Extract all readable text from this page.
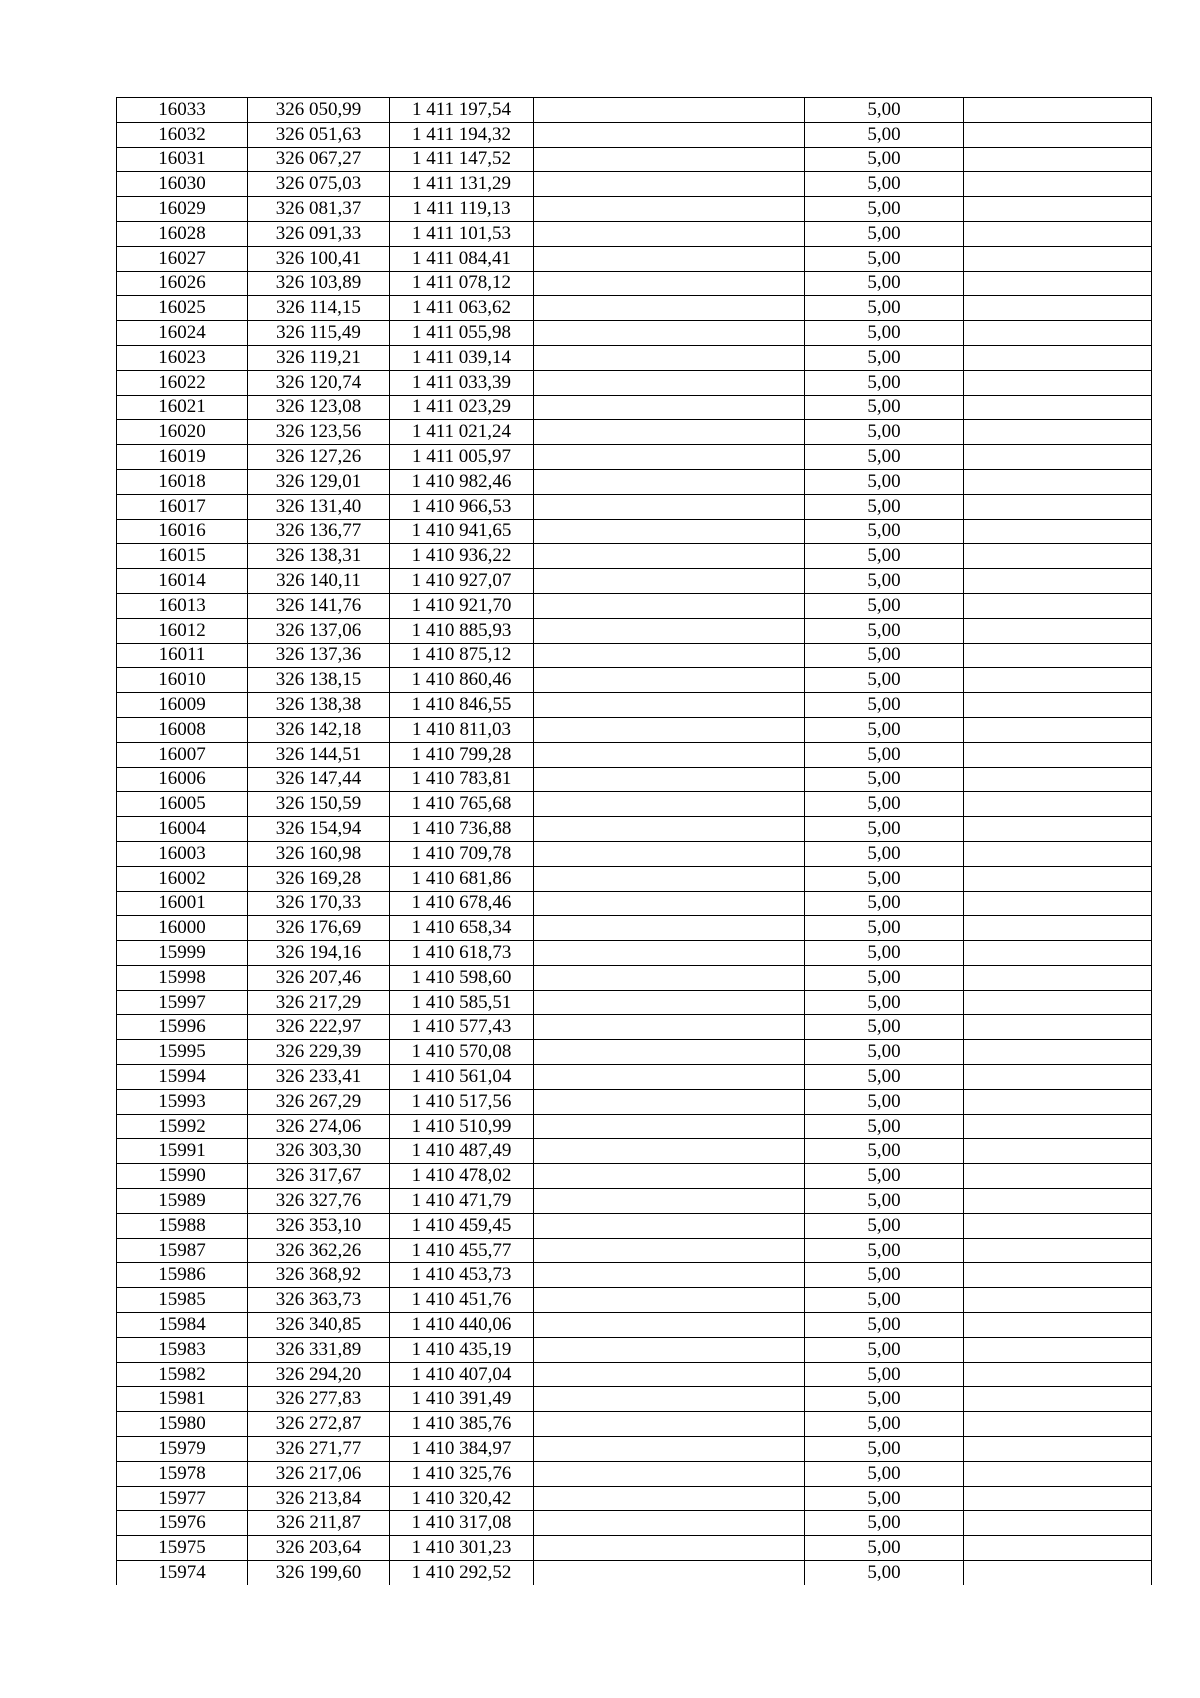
16033	326 050,99	1 411 197,54		5,00	
16032	326 051,63	1 411 194,32		5,00	
16031	326 067,27	1 411 147,52		5,00	
16030	326 075,03	1 411 131,29		5,00	
16029	326 081,37	1 411 119,13		5,00	
16028	326 091,33	1 411 101,53		5,00	
16027	326 100,41	1 411 084,41		5,00	
16026	326 103,89	1 411 078,12		5,00	
16025	326 114,15	1 411 063,62		5,00	
16024	326 115,49	1 411 055,98		5,00	
16023	326 119,21	1 411 039,14		5,00	
16022	326 120,74	1 411 033,39		5,00	
16021	326 123,08	1 411 023,29		5,00	
16020	326 123,56	1 411 021,24		5,00	
16019	326 127,26	1 411 005,97		5,00	
16018	326 129,01	1 410 982,46		5,00	
16017	326 131,40	1 410 966,53		5,00	
16016	326 136,77	1 410 941,65		5,00	
16015	326 138,31	1 410 936,22		5,00	
16014	326 140,11	1 410 927,07		5,00	
16013	326 141,76	1 410 921,70		5,00	
16012	326 137,06	1 410 885,93		5,00	
16011	326 137,36	1 410 875,12		5,00	
16010	326 138,15	1 410 860,46		5,00	
16009	326 138,38	1 410 846,55		5,00	
16008	326 142,18	1 410 811,03		5,00	
16007	326 144,51	1 410 799,28		5,00	
16006	326 147,44	1 410 783,81		5,00	
16005	326 150,59	1 410 765,68		5,00	
16004	326 154,94	1 410 736,88		5,00	
16003	326 160,98	1 410 709,78		5,00	
16002	326 169,28	1 410 681,86		5,00	
16001	326 170,33	1 410 678,46		5,00	
16000	326 176,69	1 410 658,34		5,00	
15999	326 194,16	1 410 618,73		5,00	
15998	326 207,46	1 410 598,60		5,00	
15997	326 217,29	1 410 585,51		5,00	
15996	326 222,97	1 410 577,43		5,00	
15995	326 229,39	1 410 570,08		5,00	
15994	326 233,41	1 410 561,04		5,00	
15993	326 267,29	1 410 517,56		5,00	
15992	326 274,06	1 410 510,99		5,00	
15991	326 303,30	1 410 487,49		5,00	
15990	326 317,67	1 410 478,02		5,00	
15989	326 327,76	1 410 471,79		5,00	
15988	326 353,10	1 410 459,45		5,00	
15987	326 362,26	1 410 455,77		5,00	
15986	326 368,92	1 410 453,73		5,00	
15985	326 363,73	1 410 451,76		5,00	
15984	326 340,85	1 410 440,06		5,00	
15983	326 331,89	1 410 435,19		5,00	
15982	326 294,20	1 410 407,04		5,00	
15981	326 277,83	1 410 391,49		5,00	
15980	326 272,87	1 410 385,76		5,00	
15979	326 271,77	1 410 384,97		5,00	
15978	326 217,06	1 410 325,76		5,00	
15977	326 213,84	1 410 320,42		5,00	
15976	326 211,87	1 410 317,08		5,00	
15975	326 203,64	1 410 301,23		5,00	
15974	326 199,60	1 410 292,52		5,00	
